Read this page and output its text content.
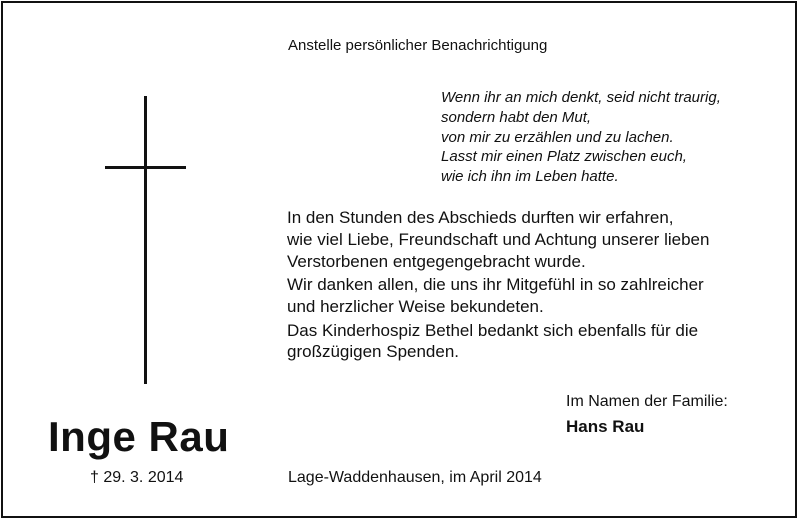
Anstelle persönlicher Benachrichtigung
Wenn ihr an mich denkt, seid nicht traurig,
sondern habt den Mut,
von mir zu erzählen und zu lachen.
Lasst mir einen Platz zwischen euch,
wie ich ihn im Leben hatte.
In den Stunden des Abschieds durften wir erfahren,
wie viel Liebe, Freundschaft und Achtung unserer lieben
Verstorbenen entgegengebracht wurde.
Wir danken allen, die uns ihr Mitgefühl in so zahlreicher
und herzlicher Weise bekundeten.
Das Kinderhospiz Bethel bedankt sich ebenfalls für die
großzügigen Spenden.
Im Namen der Familie:
Hans Rau
Inge Rau
† 29. 3. 2014	Lage-Waddenhausen, im April 2014
